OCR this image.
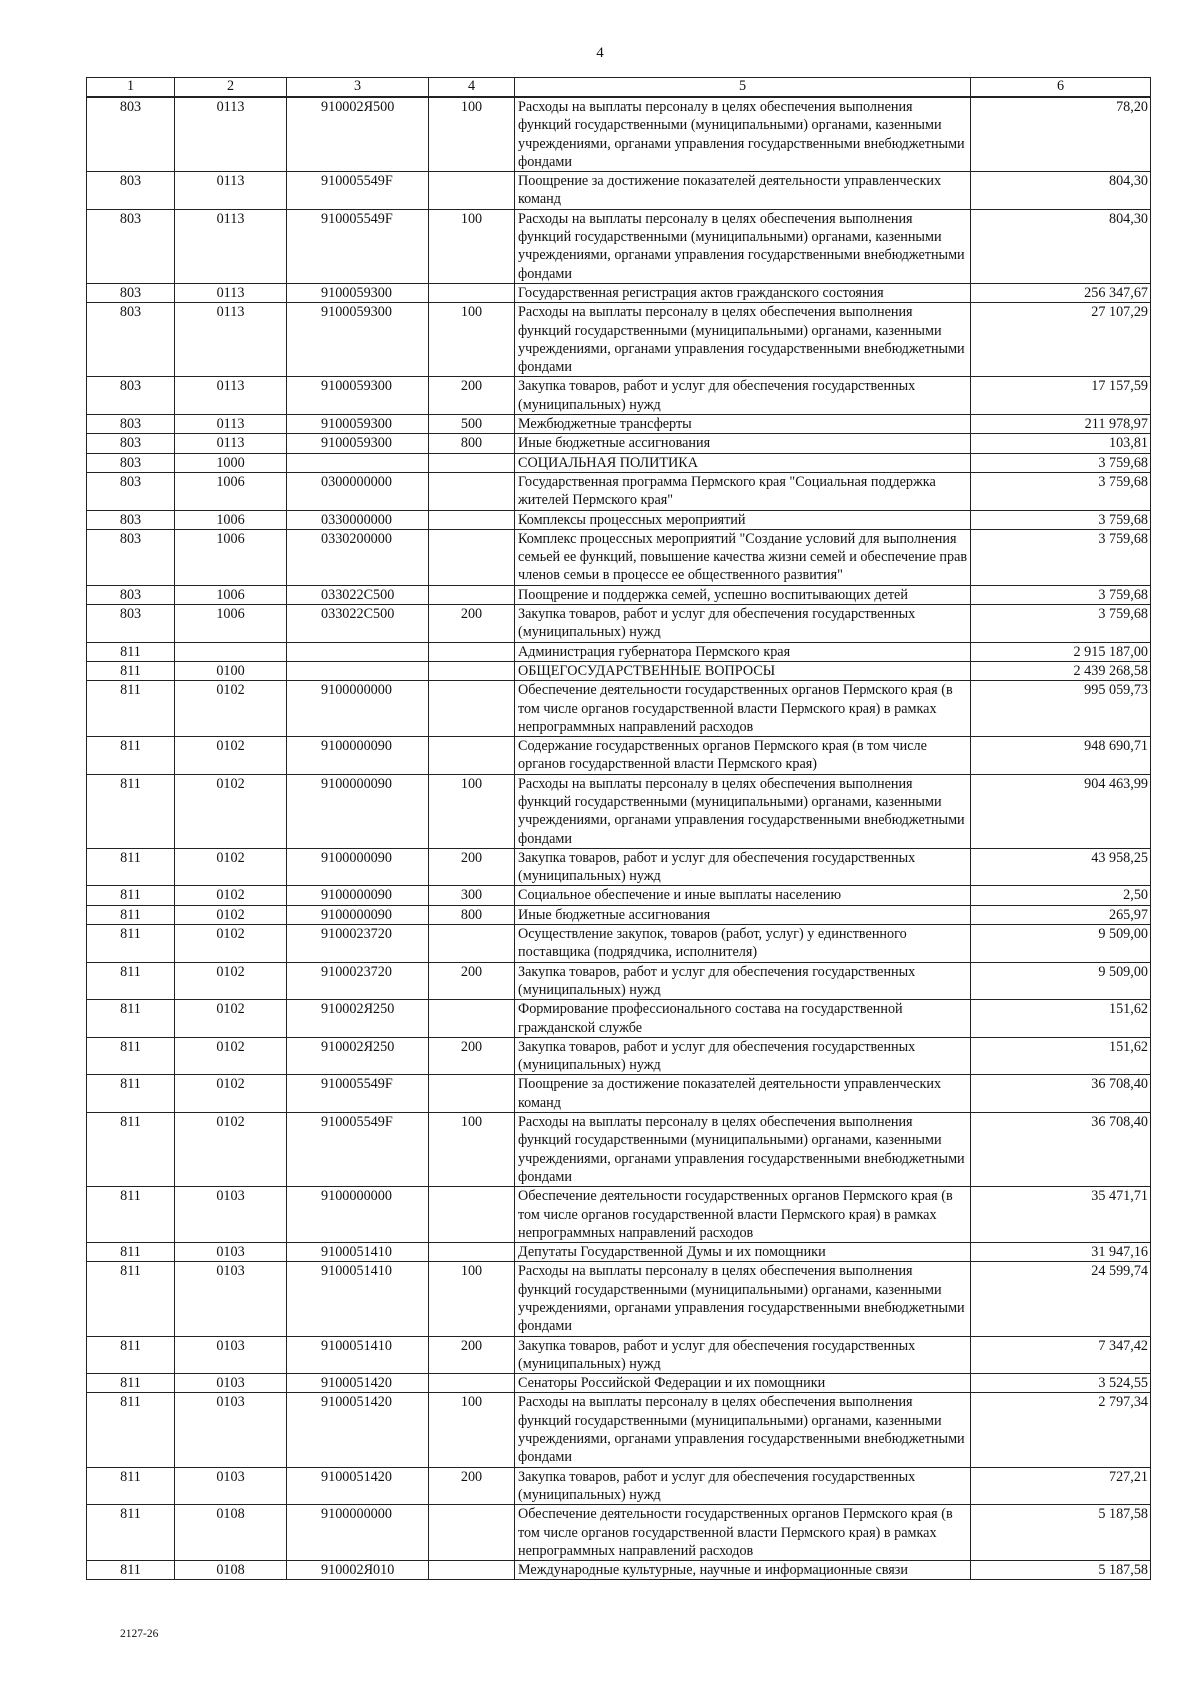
4
1	2	3	4	5	6
803	0113	910002Я500	100	Расходы на выплаты персоналу в целях обеспечения выполнения функций государственными (муниципальными) органами, казенными учреждениями, органами управления государственными внебюджетными фондами	78,20
803	0113	910005549F		Поощрение за достижение показателей деятельности управленческих команд	804,30
803	0113	910005549F	100	Расходы на выплаты персоналу в целях обеспечения выполнения функций государственными (муниципальными) органами, казенными учреждениями, органами управления государственными внебюджетными фондами	804,30
803	0113	9100059300		Государственная регистрация актов гражданского состояния	256 347,67
803	0113	9100059300	100	Расходы на выплаты персоналу в целях обеспечения выполнения функций государственными (муниципальными) органами, казенными учреждениями, органами управления государственными внебюджетными фондами	27 107,29
803	0113	9100059300	200	Закупка товаров, работ и услуг для обеспечения государственных (муниципальных) нужд	17 157,59
803	0113	9100059300	500	Межбюджетные трансферты	211 978,97
803	0113	9100059300	800	Иные бюджетные ассигнования	103,81
803	1000			СОЦИАЛЬНАЯ ПОЛИТИКА	3 759,68
803	1006	0300000000		Государственная программа Пермского края "Социальная поддержка жителей Пермского края"	3 759,68
803	1006	0330000000		Комплексы процессных мероприятий	3 759,68
803	1006	0330200000		Комплекс процессных мероприятий "Создание условий для выполнения семьей ее функций, повышение качества жизни семей и обеспечение прав членов семьи в процессе ее общественного развития"	3 759,68
803	1006	033022С500		Поощрение и поддержка семей, успешно воспитывающих детей	3 759,68
803	1006	033022С500	200	Закупка товаров, работ и услуг для обеспечения государственных (муниципальных) нужд	3 759,68
811				Администрация губернатора Пермского края	2 915 187,00
811	0100			ОБЩЕГОСУДАРСТВЕННЫЕ ВОПРОСЫ	2 439 268,58
811	0102	9100000000		Обеспечение деятельности государственных органов Пермского края (в том числе органов государственной власти Пермского края) в рамках непрограммных направлений расходов	995 059,73
811	0102	9100000090		Содержание государственных органов Пермского края (в том числе органов государственной власти Пермского края)	948 690,71
811	0102	9100000090	100	Расходы на выплаты персоналу в целях обеспечения выполнения функций государственными (муниципальными) органами, казенными учреждениями, органами управления государственными внебюджетными фондами	904 463,99
811	0102	9100000090	200	Закупка товаров, работ и услуг для обеспечения государственных (муниципальных) нужд	43 958,25
811	0102	9100000090	300	Социальное обеспечение и иные выплаты населению	2,50
811	0102	9100000090	800	Иные бюджетные ассигнования	265,97
811	0102	9100023720		Осуществление закупок, товаров (работ, услуг) у единственного поставщика (подрядчика, исполнителя)	9 509,00
811	0102	9100023720	200	Закупка товаров, работ и услуг для обеспечения государственных (муниципальных) нужд	9 509,00
811	0102	910002Я250		Формирование профессионального состава на государственной гражданской службе	151,62
811	0102	910002Я250	200	Закупка товаров, работ и услуг для обеспечения государственных (муниципальных) нужд	151,62
811	0102	910005549F		Поощрение за достижение показателей деятельности управленческих команд	36 708,40
811	0102	910005549F	100	Расходы на выплаты персоналу в целях обеспечения выполнения функций государственными (муниципальными) органами, казенными учреждениями, органами управления государственными внебюджетными фондами	36 708,40
811	0103	9100000000		Обеспечение деятельности государственных органов Пермского края (в том числе органов государственной власти Пермского края) в рамках непрограммных направлений расходов	35 471,71
811	0103	9100051410		Депутаты Государственной Думы и их помощники	31 947,16
811	0103	9100051410	100	Расходы на выплаты персоналу в целях обеспечения выполнения функций государственными (муниципальными) органами, казенными учреждениями, органами управления государственными внебюджетными фондами	24 599,74
811	0103	9100051410	200	Закупка товаров, работ и услуг для обеспечения государственных (муниципальных) нужд	7 347,42
811	0103	9100051420		Сенаторы Российской Федерации и их помощники	3 524,55
811	0103	9100051420	100	Расходы на выплаты персоналу в целях обеспечения выполнения функций государственными (муниципальными) органами, казенными учреждениями, органами управления государственными внебюджетными фондами	2 797,34
811	0103	9100051420	200	Закупка товаров, работ и услуг для обеспечения государственных (муниципальных) нужд	727,21
811	0108	9100000000		Обеспечение деятельности государственных органов Пермского края (в том числе органов государственной власти Пермского края) в рамках непрограммных направлений расходов	5 187,58
811	0108	910002Я010		Международные культурные, научные и информационные связи	5 187,58
2127-26
